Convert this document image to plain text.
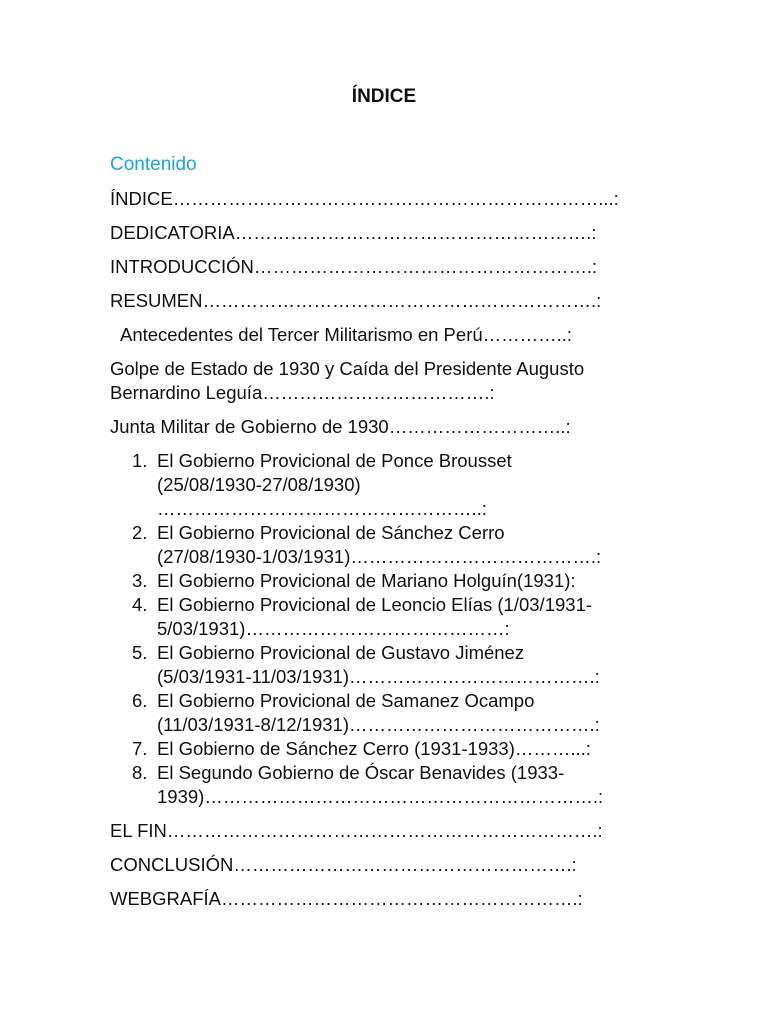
ÍNDICE
Contenido
ÍNDICE……………………………………………………………...:
DEDICATORIA………………………………………………….:
INTRODUCCIÓN……………………………………………….:
RESUMEN……………………………………………………….:
Antecedentes del Tercer Militarismo en Perú…………..:
Golpe de Estado de 1930 y Caída del Presidente Augusto Bernardino Leguía……………………………….:
Junta Militar de Gobierno de 1930………………………..:
1. El Gobierno Provicional de Ponce Brousset
(25/08/1930-27/08/1930)
……………………………………………..:
2. El Gobierno Provicional de Sánchez Cerro
(27/08/1930-1/03/1931)………………………………….:
3. El Gobierno Provicional de Mariano Holguín(1931):
4. El Gobierno Provicional de Leoncio Elías (1/03/1931-
5/03/1931)……………………………………:
5. El Gobierno Provicional de Gustavo Jiménez
(5/03/1931-11/03/1931)………………………………….:
6. El Gobierno Provicional de Samanez Ocampo
(11/03/1931-8/12/1931)………………………………….:
7. El Gobierno de Sánchez Cerro (1931-1933)………...:
8. El Segundo Gobierno de Óscar Benavides (1933-
1939)……………………………………………………….:
EL FIN…………………………………………………………….:
CONCLUSIÓN……………………………………………….:
WEBGRAFÍA………………………………………………….:
